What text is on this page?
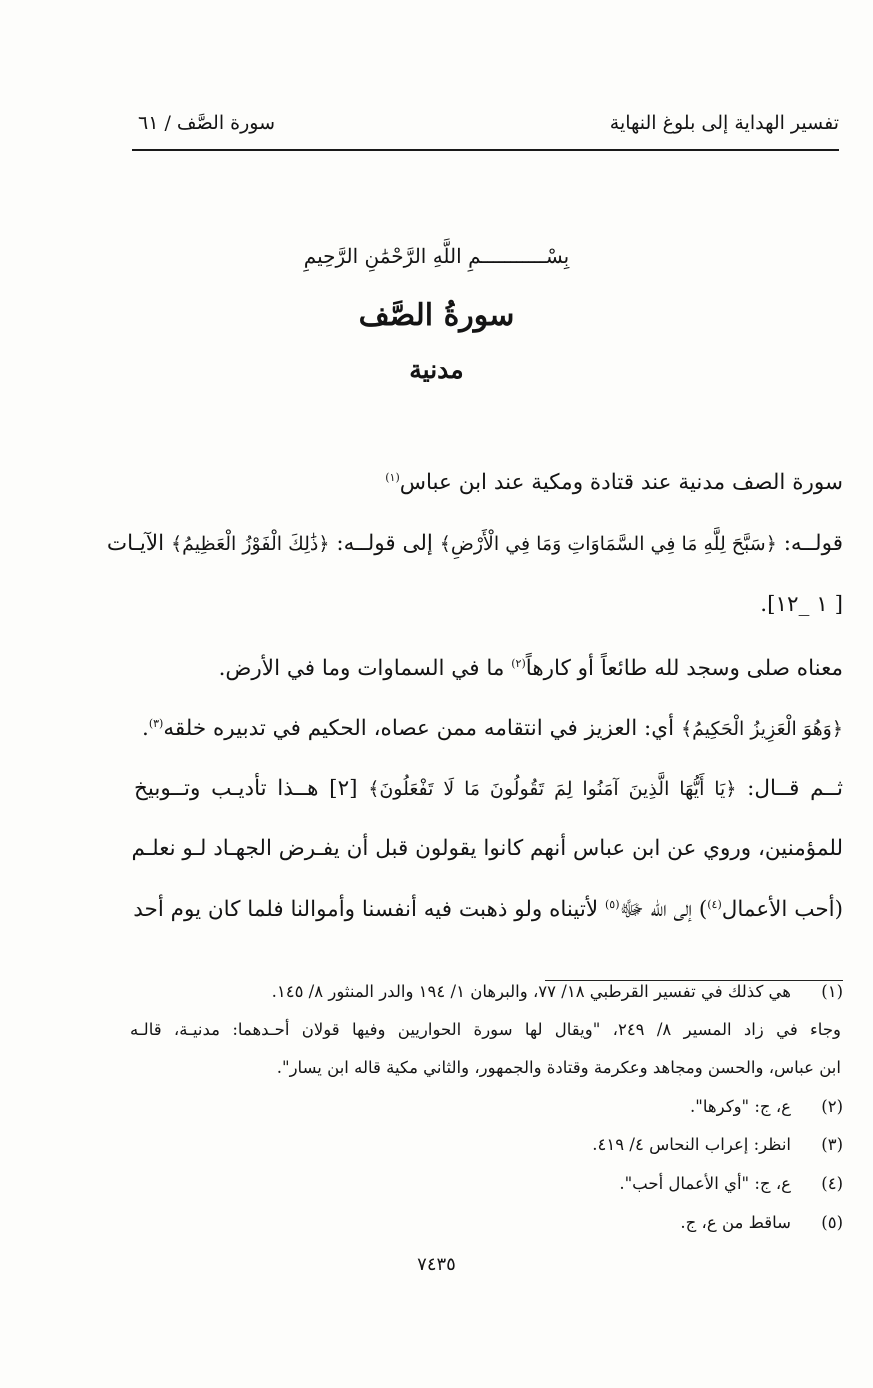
تفسير الهداية إلى بلوغ النهاية
سورة الصَّف / ٦١
بِسْـــــــــــمِ اللَّهِ الرَّحْمَٰنِ الرَّحِيمِ
سورةُ الصَّف
مدنية
سورة الصف مدنية عند قتادة ومكية عند ابن عباس$^{(١)}$
قولــه: ﴿سَبَّحَ لِلَّهِ مَا فِي السَّمَاوَاتِ وَمَا فِي الْأَرْضِ﴾ إلى قولــه: ﴿ذَٰلِكَ الْفَوْزُ الْعَظِيمُ﴾ الآيـات
[ ١ _١٢].
معناه صلى وسجد لله طائعاً أو كارهاً$^{(٢)}$ ما في السماوات وما في الأرض.
﴿وَهُوَ الْعَزِيزُ الْحَكِيمُ﴾ أي: العزيز في انتقامه ممن عصاه، الحكيم في تدبيره خلقه$^{(٣)}$.
ثــم قــال: ﴿يَا أَيُّهَا الَّذِينَ آمَنُوا لِمَ تَقُولُونَ مَا لَا تَفْعَلُونَ﴾ [٢] هــذا تأديـب وتــوبيخ
للمؤمنين، وروي عن ابن عباس أنهم كانوا يقولون قبل أن يفـرض الجهـاد لـو نعلـم
(أحب الأعمال$^{(٤)}$) إلى الله ﷻ$^{(٥)}$ لأتيناه ولو ذهبت فيه أنفسنا وأموالنا فلما كان يوم أحد
(١)
هي كذلك في تفسير القرطبي ١٨/ ٧٧، والبرهان ١/ ١٩٤ والدر المنثور ٨/ ١٤٥.
وجاء في زاد المسير ٨/ ٢٤٩، "ويقال لها سورة الحواريين وفيها قولان أحـدهما: مدنيـة، قالـه
ابن عباس، والحسن ومجاهد وعكرمة وقتادة والجمهور، والثاني مكية قاله ابن يسار".
(٢)
ع، ج: "وكرها".
(٣)
انظر: إعراب النحاس ٤/ ٤١٩.
(٤)
ع، ج: "أي الأعمال أحب".
(٥)
ساقط من ع، ج.
٧٤٣٥
